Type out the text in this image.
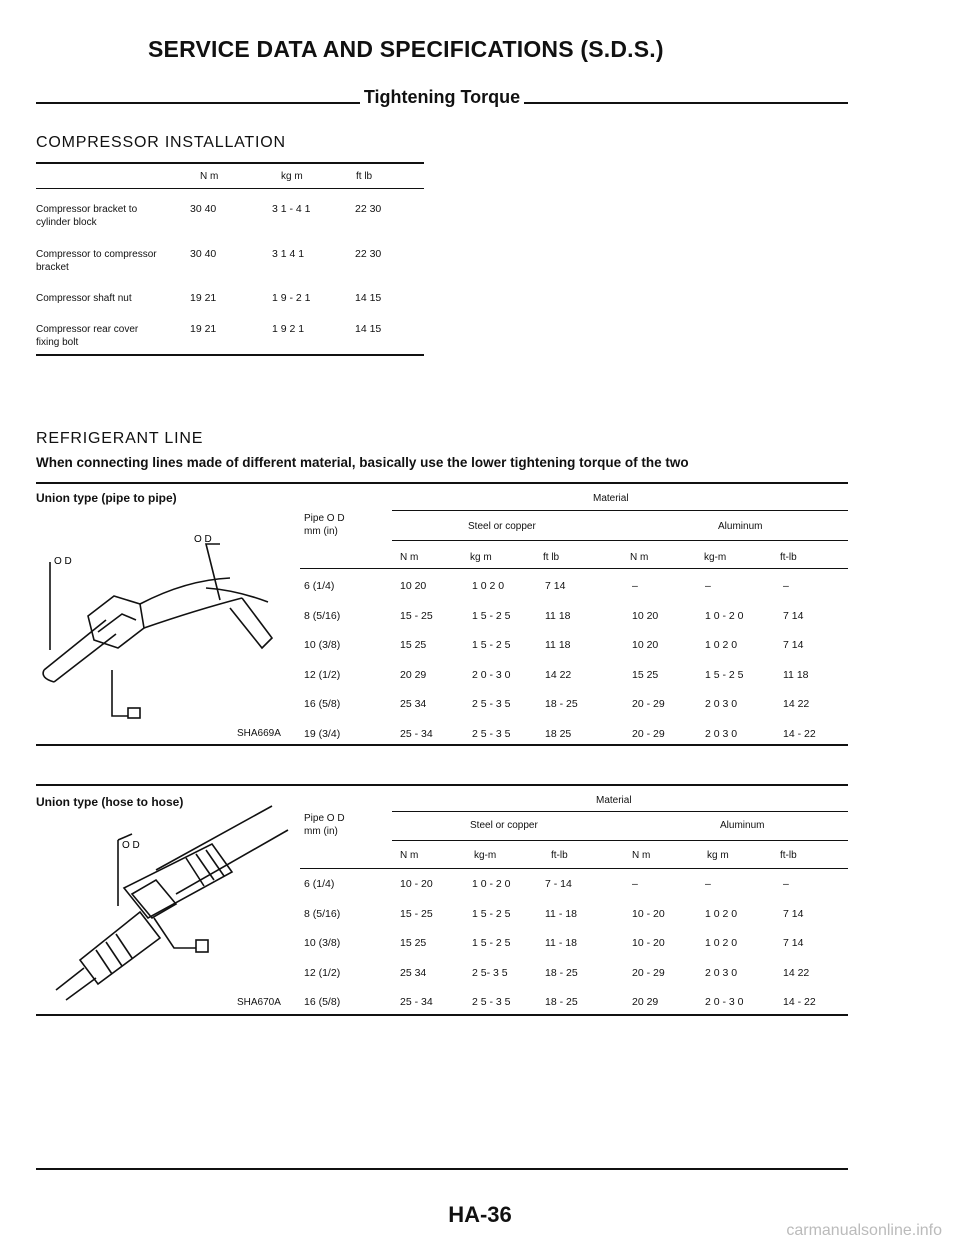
SERVICE DATA AND SPECIFICATIONS (S.D.S.)
Tightening Torque
COMPRESSOR INSTALLATION
N m	kg m	ft lb
Compressor bracket to
cylinder block
30 40	3 1 - 4 1	22 30
Compressor to compressor
bracket
30 40	3 1 4 1	22 30
Compressor shaft nut	19 21	1 9 - 2 1	14 15
Compressor rear cover
fixing bolt
19 21	1 9 2 1	14 15
REFRIGERANT LINE
When connecting lines made of different material, basically use the lower tightening torque of the two
Union type (pipe to pipe)	Material
Pipe O D
mm (in)	Steel or copper	Aluminum
N m	kg m	ft lb	N m	kg-m	ft-lb
6 (1/4)	10 20	1 0 2 0	7 14	–	–	–
8 (5/16)	15 - 25	1 5 - 2 5	11 18	10 20	1 0 - 2 0	7 14
10 (3/8)	15 25	1 5 - 2 5	11 18	10 20	1 0 2 0	7 14
12 (1/2)	20 29	2 0 - 3 0	14 22	15 25	1 5 - 2 5	11 18
16 (5/8)	25 34	2 5 - 3 5	18 - 25	20 - 29	2 0 3 0	14 22
19 (3/4)	25 - 34	2 5 - 3 5	18 25	20 - 29	2 0 3 0	14 - 22
SHA669A
O D
O D
Union type (hose to hose)	Material
Pipe O D
mm (in)
Steel or copper	Aluminum
N m	kg-m	ft-lb	N m	kg m	ft-lb
6 (1/4)	10 - 20	1 0 - 2 0	7 - 14	–	–	–
8 (5/16)	15 - 25	1 5 - 2 5	11 - 18	10 - 20	1 0 2 0	7 14
10 (3/8)	15 25	1 5 - 2 5	11 - 18	10 - 20	1 0 2 0	7 14
12 (1/2)	25 34	2 5- 3 5	18 - 25	20 - 29	2 0 3 0	14 22
16 (5/8)	25 - 34	2 5 - 3 5	18 - 25	20 29	2 0 - 3 0	14 - 22
SHA670A
O D
HA-36
carmanualsonline.info
